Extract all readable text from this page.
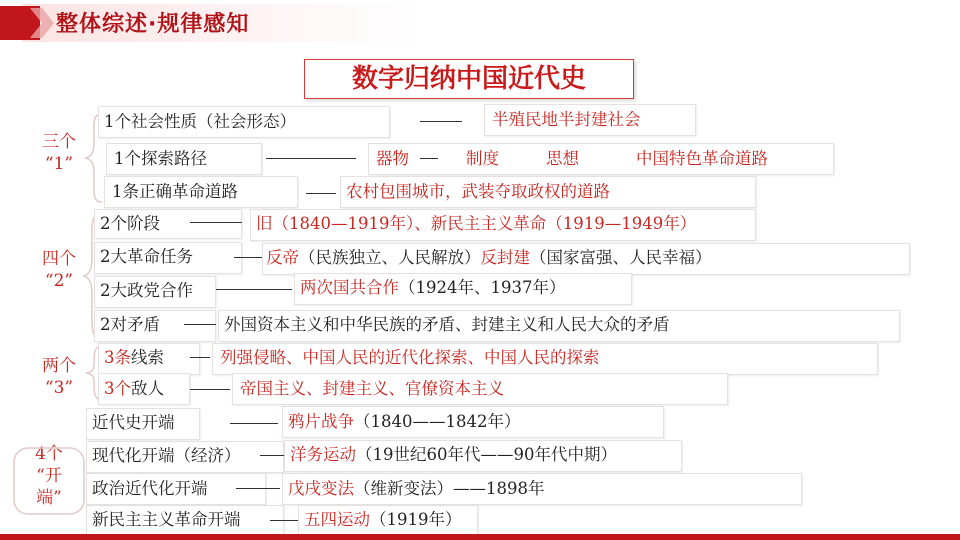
整体综述·规律感知
数字归纳中国近代史
三个
“1”
四个
“2”
两个
“3”
4个
“开
端”
1个社会性质（社会形态）	半殖民地半封建社会
1个探索路径	器物	制度	思想	中国特色革命道路
1条正确革命道路	农村包围城市，武装夺取政权的道路
2个阶段	旧（1840—1919年）、新民主主义革命（1919—1949年）
2大革命任务	反帝（民族独立、人民解放）反封建（国家富强、人民幸福）
2大政党合作	两次国共合作（1924年、1937年）
2对矛盾	外国资本主义和中华民族的矛盾、封建主义和人民大众的矛盾
3条线索	列强侵略、中国人民的近代化探索、中国人民的探索
3个敌人	帝国主义、封建主义、官僚资本主义
近代史开端	鸦片战争（1840——1842年）
现代化开端（经济）	洋务运动（19世纪60年代——90年代中期）
政治近代化开端	戊戌变法（维新变法）——1898年
新民主主义革命开端	五四运动（1919年）
